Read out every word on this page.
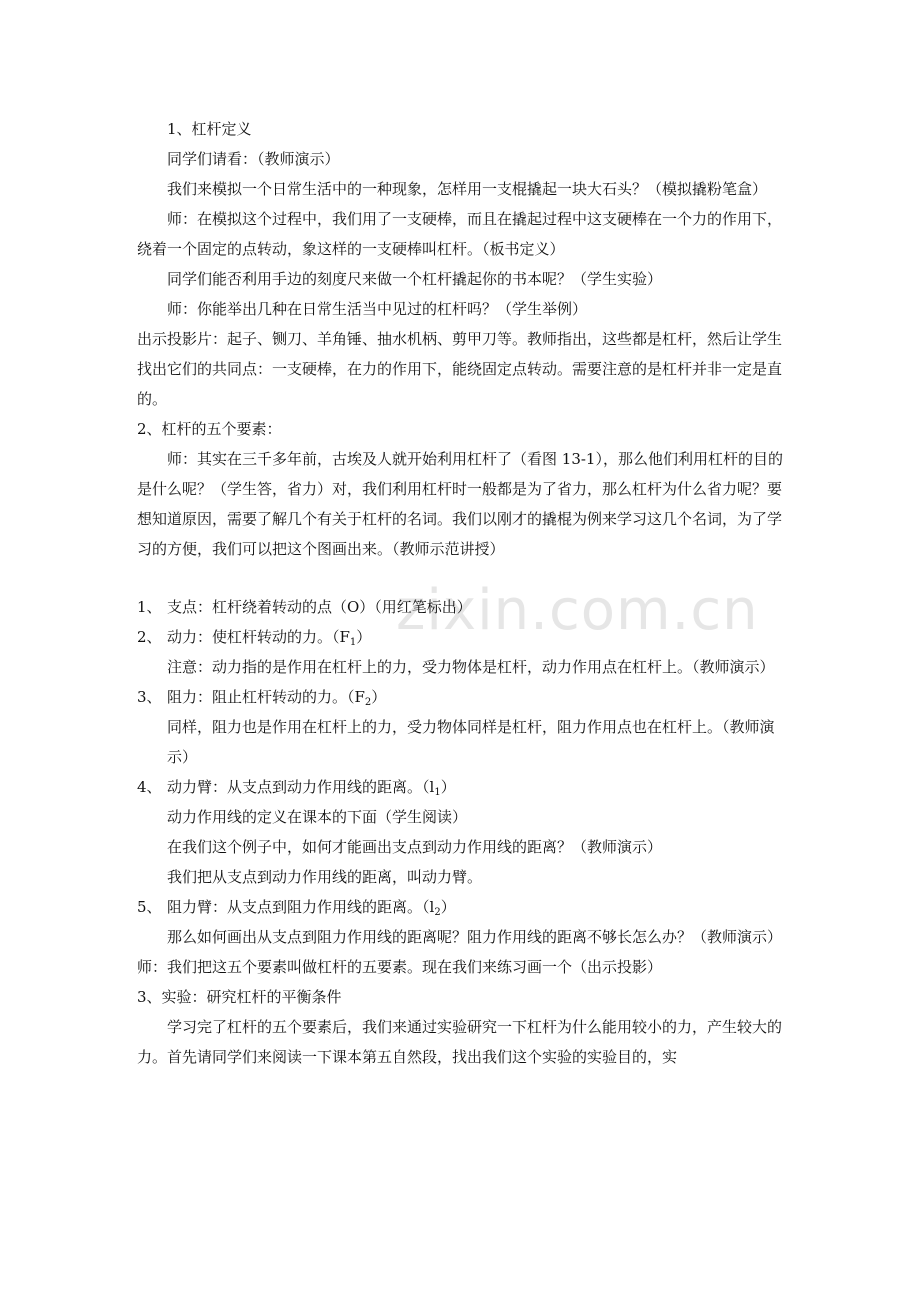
zixin.com.cn

1、杠杆定义

同学们请看：（教师演示）

我们来模拟一个日常生活中的一种现象，怎样用一支棍撬起一块大石头？（模拟撬粉笔盒）

师：在模拟这个过程中，我们用了一支硬棒，而且在撬起过程中这支硬棒在一个力的作用下，绕着一个固定的点转动，象这样的一支硬棒叫杠杆。（板书定义）

同学们能否利用手边的刻度尺来做一个杠杆撬起你的书本呢？（学生实验）

师：你能举出几种在日常生活当中见过的杠杆吗？（学生举例）

出示投影片：起子、铡刀、羊角锤、抽水机柄、剪甲刀等。教师指出，这些都是杠杆，然后让学生找出它们的共同点：一支硬棒，在力的作用下，能绕固定点转动。需要注意的是杠杆并非一定是直的。

2、杠杆的五个要素：

师：其实在三千多年前，古埃及人就开始利用杠杆了（看图 13-1），那么他们利用杠杆的目的是什么呢？（学生答，省力）对，我们利用杠杆时一般都是为了省力，那么杠杆为什么省力呢？要想知道原因，需要了解几个有关于杠杆的名词。我们以刚才的撬棍为例来学习这几个名词，为了学习的方便，我们可以把这个图画出来。（教师示范讲授）

1、 支点：杠杆绕着转动的点（O）（用红笔标出）

2、 动力：使杠杆转动的力。$(F_1)$

注意：动力指的是作用在杠杆上的力，受力物体是杠杆，动力作用点在杠杆上。（教师演示）

3、 阻力：阻止杠杆转动的力。$(F_2)$

同样，阻力也是作用在杠杆上的力，受力物体同样是杠杆，阻力作用点也在杠杆上。（教师演示）

4、 动力臂：从支点到动力作用线的距离。$(l_1)$

动力作用线的定义在课本的下面（学生阅读）

在我们这个例子中，如何才能画出支点到动力作用线的距离？（教师演示）

我们把从支点到动力作用线的距离，叫动力臂。

5、 阻力臂：从支点到阻力作用线的距离。$(l_2)$

那么如何画出从支点到阻力作用线的距离呢？阻力作用线的距离不够长怎么办？（教师演示）

师：我们把这五个要素叫做杠杆的五要素。现在我们来练习画一个（出示投影）

3、实验：研究杠杆的平衡条件

学习完了杠杆的五个要素后，我们来通过实验研究一下杠杆为什么能用较小的力，产生较大的力。首先请同学们来阅读一下课本第五自然段，找出我们这个实验的实验目的，实
